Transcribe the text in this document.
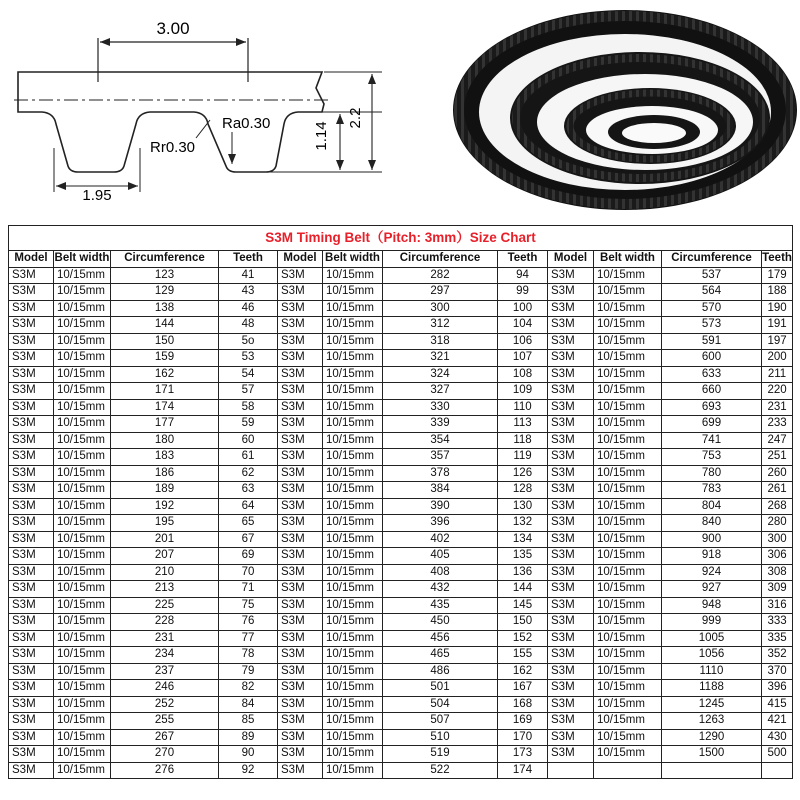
3.00
1.14
2.2
1.95
Rr0.30
Ra0.30
S3M Timing Belt（Pitch: 3mm）Size Chart											
Model	Belt width	Circumference	Teeth	Model	Belt width	Circumference	Teeth	Model	Belt width	Circumference	Teeth
S3M	10/15mm	123	41	S3M	10/15mm	282	94	S3M	10/15mm	537	179
S3M	10/15mm	129	43	S3M	10/15mm	297	99	S3M	10/15mm	564	188
S3M	10/15mm	138	46	S3M	10/15mm	300	100	S3M	10/15mm	570	190
S3M	10/15mm	144	48	S3M	10/15mm	312	104	S3M	10/15mm	573	191
S3M	10/15mm	150	5o	S3M	10/15mm	318	106	S3M	10/15mm	591	197
S3M	10/15mm	159	53	S3M	10/15mm	321	107	S3M	10/15mm	600	200
S3M	10/15mm	162	54	S3M	10/15mm	324	108	S3M	10/15mm	633	211
S3M	10/15mm	171	57	S3M	10/15mm	327	109	S3M	10/15mm	660	220
S3M	10/15mm	174	58	S3M	10/15mm	330	110	S3M	10/15mm	693	231
S3M	10/15mm	177	59	S3M	10/15mm	339	113	S3M	10/15mm	699	233
S3M	10/15mm	180	60	S3M	10/15mm	354	118	S3M	10/15mm	741	247
S3M	10/15mm	183	61	S3M	10/15mm	357	119	S3M	10/15mm	753	251
S3M	10/15mm	186	62	S3M	10/15mm	378	126	S3M	10/15mm	780	260
S3M	10/15mm	189	63	S3M	10/15mm	384	128	S3M	10/15mm	783	261
S3M	10/15mm	192	64	S3M	10/15mm	390	130	S3M	10/15mm	804	268
S3M	10/15mm	195	65	S3M	10/15mm	396	132	S3M	10/15mm	840	280
S3M	10/15mm	201	67	S3M	10/15mm	402	134	S3M	10/15mm	900	300
S3M	10/15mm	207	69	S3M	10/15mm	405	135	S3M	10/15mm	918	306
S3M	10/15mm	210	70	S3M	10/15mm	408	136	S3M	10/15mm	924	308
S3M	10/15mm	213	71	S3M	10/15mm	432	144	S3M	10/15mm	927	309
S3M	10/15mm	225	75	S3M	10/15mm	435	145	S3M	10/15mm	948	316
S3M	10/15mm	228	76	S3M	10/15mm	450	150	S3M	10/15mm	999	333
S3M	10/15mm	231	77	S3M	10/15mm	456	152	S3M	10/15mm	1005	335
S3M	10/15mm	234	78	S3M	10/15mm	465	155	S3M	10/15mm	1056	352
S3M	10/15mm	237	79	S3M	10/15mm	486	162	S3M	10/15mm	1110	370
S3M	10/15mm	246	82	S3M	10/15mm	501	167	S3M	10/15mm	1188	396
S3M	10/15mm	252	84	S3M	10/15mm	504	168	S3M	10/15mm	1245	415
S3M	10/15mm	255	85	S3M	10/15mm	507	169	S3M	10/15mm	1263	421
S3M	10/15mm	267	89	S3M	10/15mm	510	170	S3M	10/15mm	1290	430
S3M	10/15mm	270	90	S3M	10/15mm	519	173	S3M	10/15mm	1500	500
S3M	10/15mm	276	92	S3M	10/15mm	522	174				
